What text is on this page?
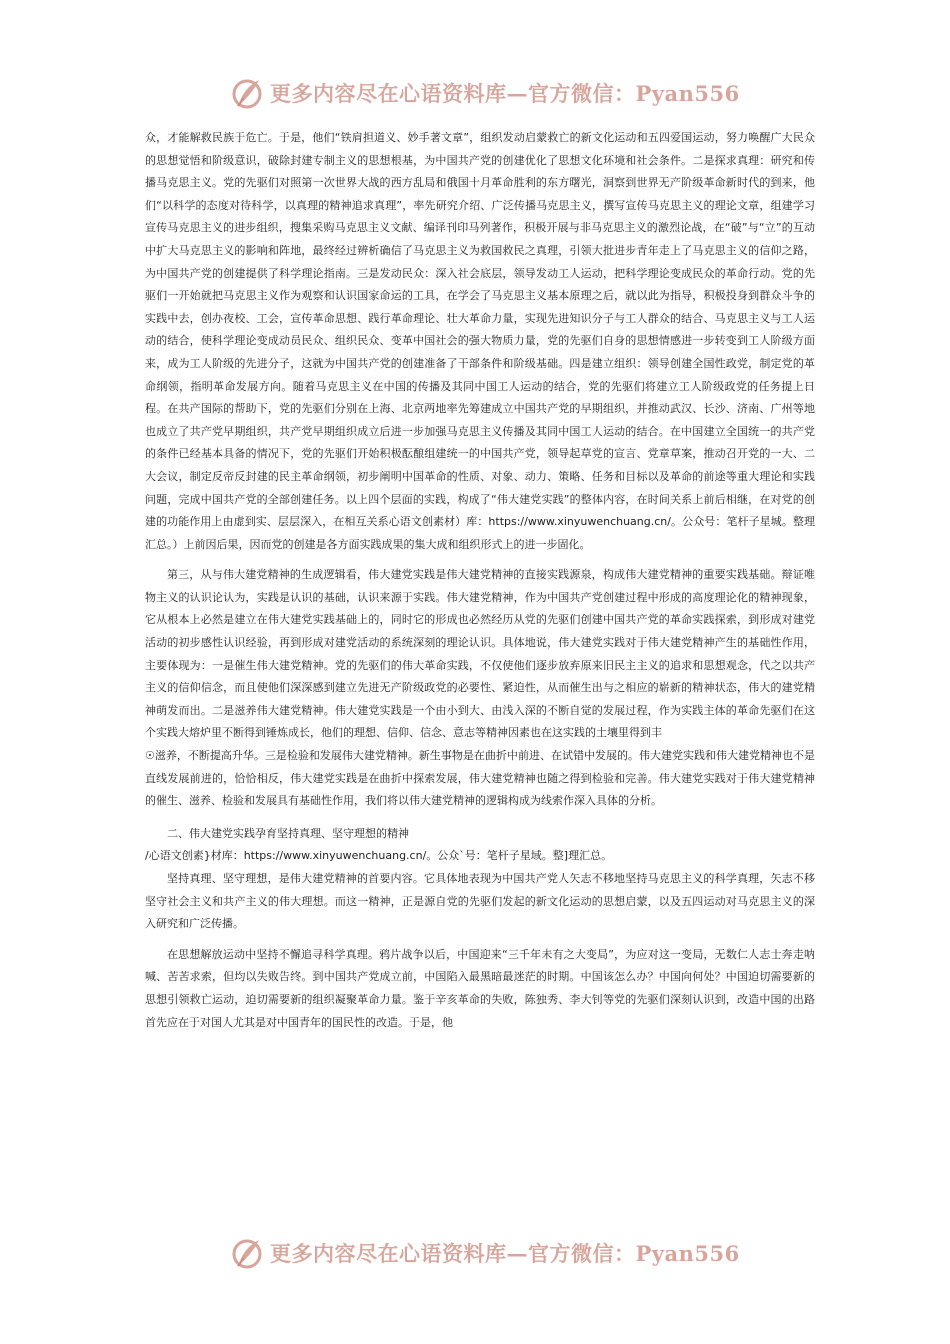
更多内容尽在心语资料库—官方微信：Pyan556

众，才能解救民族于危亡。于是，他们“铁肩担道义、妙手著文章”，组织发动启蒙救亡的新文化运动和五四爱国运动，努力唤醒广大民众的思想觉悟和阶级意识，破除封建专制主义的思想根基，为中国共产党的创建优化了思想文化环境和社会条件。二是探求真理：研究和传播马克思主义。党的先驱们对照第一次世界大战的西方乱局和俄国十月革命胜利的东方曙光，洞察到世界无产阶级革命新时代的到来，他们“以科学的态度对待科学，以真理的精神追求真理”，率先研究介绍、广泛传播马克思主义，撰写宣传马克思主义的理论文章，组建学习宣传马克思主义的进步组织，搜集采购马克思主义文献、编译刊印马列著作，积极开展与非马克思主义的激烈论战，在“破”与“立”的互动中扩大马克思主义的影响和阵地，最终经过辨析确信了马克思主义为救国救民之真理，引领大批进步青年走上了马克思主义的信仰之路，为中国共产党的创建提供了科学理论指南。三是发动民众：深入社会底层，领导发动工人运动，把科学理论变成民众的革命行动。党的先驱们一开始就把马克思主义作为观察和认识国家命运的工具，在学会了马克思主义基本原理之后，就以此为指导，积极投身到群众斗争的实践中去，创办夜校、工会，宣传革命思想、践行革命理论、壮大革命力量，实现先进知识分子与工人群众的结合、马克思主义与工人运动的结合，使科学理论变成动员民众、组织民众、变革中国社会的强大物质力量，党的先驱们自身的思想情感进一步转变到工人阶级方面来，成为工人阶级的先进分子，这就为中国共产党的创建准备了干部条件和阶级基础。四是建立组织：领导创建全国性政党，制定党的革命纲领，指明革命发展方向。随着马克思主义在中国的传播及其同中国工人运动的结合，党的先驱们将建立工人阶级政党的任务提上日程。在共产国际的帮助下，党的先驱们分别在上海、北京两地率先筹建成立中国共产党的早期组织，并推动武汉、长沙、济南、广州等地也成立了共产党早期组织，共产党早期组织成立后进一步加强马克思主义传播及其同中国工人运动的结合。在中国建立全国统一的共产党的条件已经基本具备的情况下，党的先驱们开始积极酝酿组建统一的中国共产党，领导起草党的宣言、党章草案，推动召开党的一大、二大会议，制定反帝反封建的民主革命纲领，初步阐明中国革命的性质、对象、动力、策略、任务和目标以及革命的前途等重大理论和实践问题，完成中国共产党的全部创建任务。以上四个层面的实践，构成了“伟大建党实践”的整体内容，在时间关系上前后相继，在对党的创建的功能作用上由虚到实、层层深入，在相互关系心语文创素材）库：https://www.xinyuwenchuang.cn/。公众号：笔杆子星城。整理汇总。）上前因后果，因而党的创建是各方面实践成果的集大成和组织形式上的进一步固化。

第三，从与伟大建党精神的生成逻辑看，伟大建党实践是伟大建党精神的直接实践源泉，构成伟大建党精神的重要实践基础。辩证唯物主义的认识论认为，实践是认识的基础，认识来源于实践。伟大建党精神，作为中国共产党创建过程中形成的高度理论化的精神现象，它从根本上必然是建立在伟大建党实践基础上的，同时它的形成也必然经历从党的先驱们创建中国共产党的革命实践探索，到形成对建党活动的初步感性认识经验，再到形成对建党活动的系统深刻的理论认识。具体地说，伟大建党实践对于伟大建党精神产生的基础性作用，主要体现为：一是催生伟大建党精神。党的先驱们的伟大革命实践，不仅使他们逐步放弃原来旧民主主义的追求和思想观念，代之以共产主义的信仰信念，而且使他们深深感到建立先进无产阶级政党的必要性、紧迫性，从而催生出与之相应的崭新的精神状态，伟大的建党精神萌发而出。二是滋养伟大建党精神。伟大建党实践是一个由小到大、由浅入深的不断自觉的发展过程，作为实践主体的革命先驱们在这个实践大熔炉里不断得到锤炼成长，他们的理想、信仰、信念、意志等精神因素也在这实践的土壤里得到丰

☉滋养，不断提高升华。三是检验和发展伟大建党精神。新生事物是在曲折中前进、在试错中发展的。伟大建党实践和伟大建党精神也不是直线发展前进的，恰恰相反，伟大建党实践是在曲折中探索发展，伟大建党精神也随之得到检验和完善。伟大建党实践对于伟大建党精神的催生、滋养、检验和发展具有基础性作用，我们将以伟大建党精神的逻辑构成为线索作深入具体的分析。

二、伟大建党实践孕育坚持真理、坚守理想的精神

/心语文创素}材库：https://www.xinyuwenchuang.cn/。公众`号：笔杆子星域。整]理汇总。

坚持真理、坚守理想，是伟大建党精神的首要内容。它具体地表现为中国共产党人矢志不移地坚持马克思主义的科学真理，矢志不移坚守社会主义和共产主义的伟大理想。而这一精神，正是源自党的先驱们发起的新文化运动的思想启蒙，以及五四运动对马克思主义的深入研究和广泛传播。

在思想解放运动中坚持不懈追寻科学真理。鸦片战争以后，中国迎来“三千年未有之大变局”，为应对这一变局，无数仁人志士奔走呐喊、苦苦求索，但均以失败告终。到中国共产党成立前，中国陷入最黑暗最迷茫的时期。中国该怎么办？中国向何处？中国迫切需要新的思想引领救亡运动，迫切需要新的组织凝聚革命力量。鉴于辛亥革命的失败，陈独秀、李大钊等党的先驱们深刻认识到，改造中国的出路首先应在于对国人尤其是对中国青年的国民性的改造。于是，他

更多内容尽在心语资料库—官方微信：Pyan556
